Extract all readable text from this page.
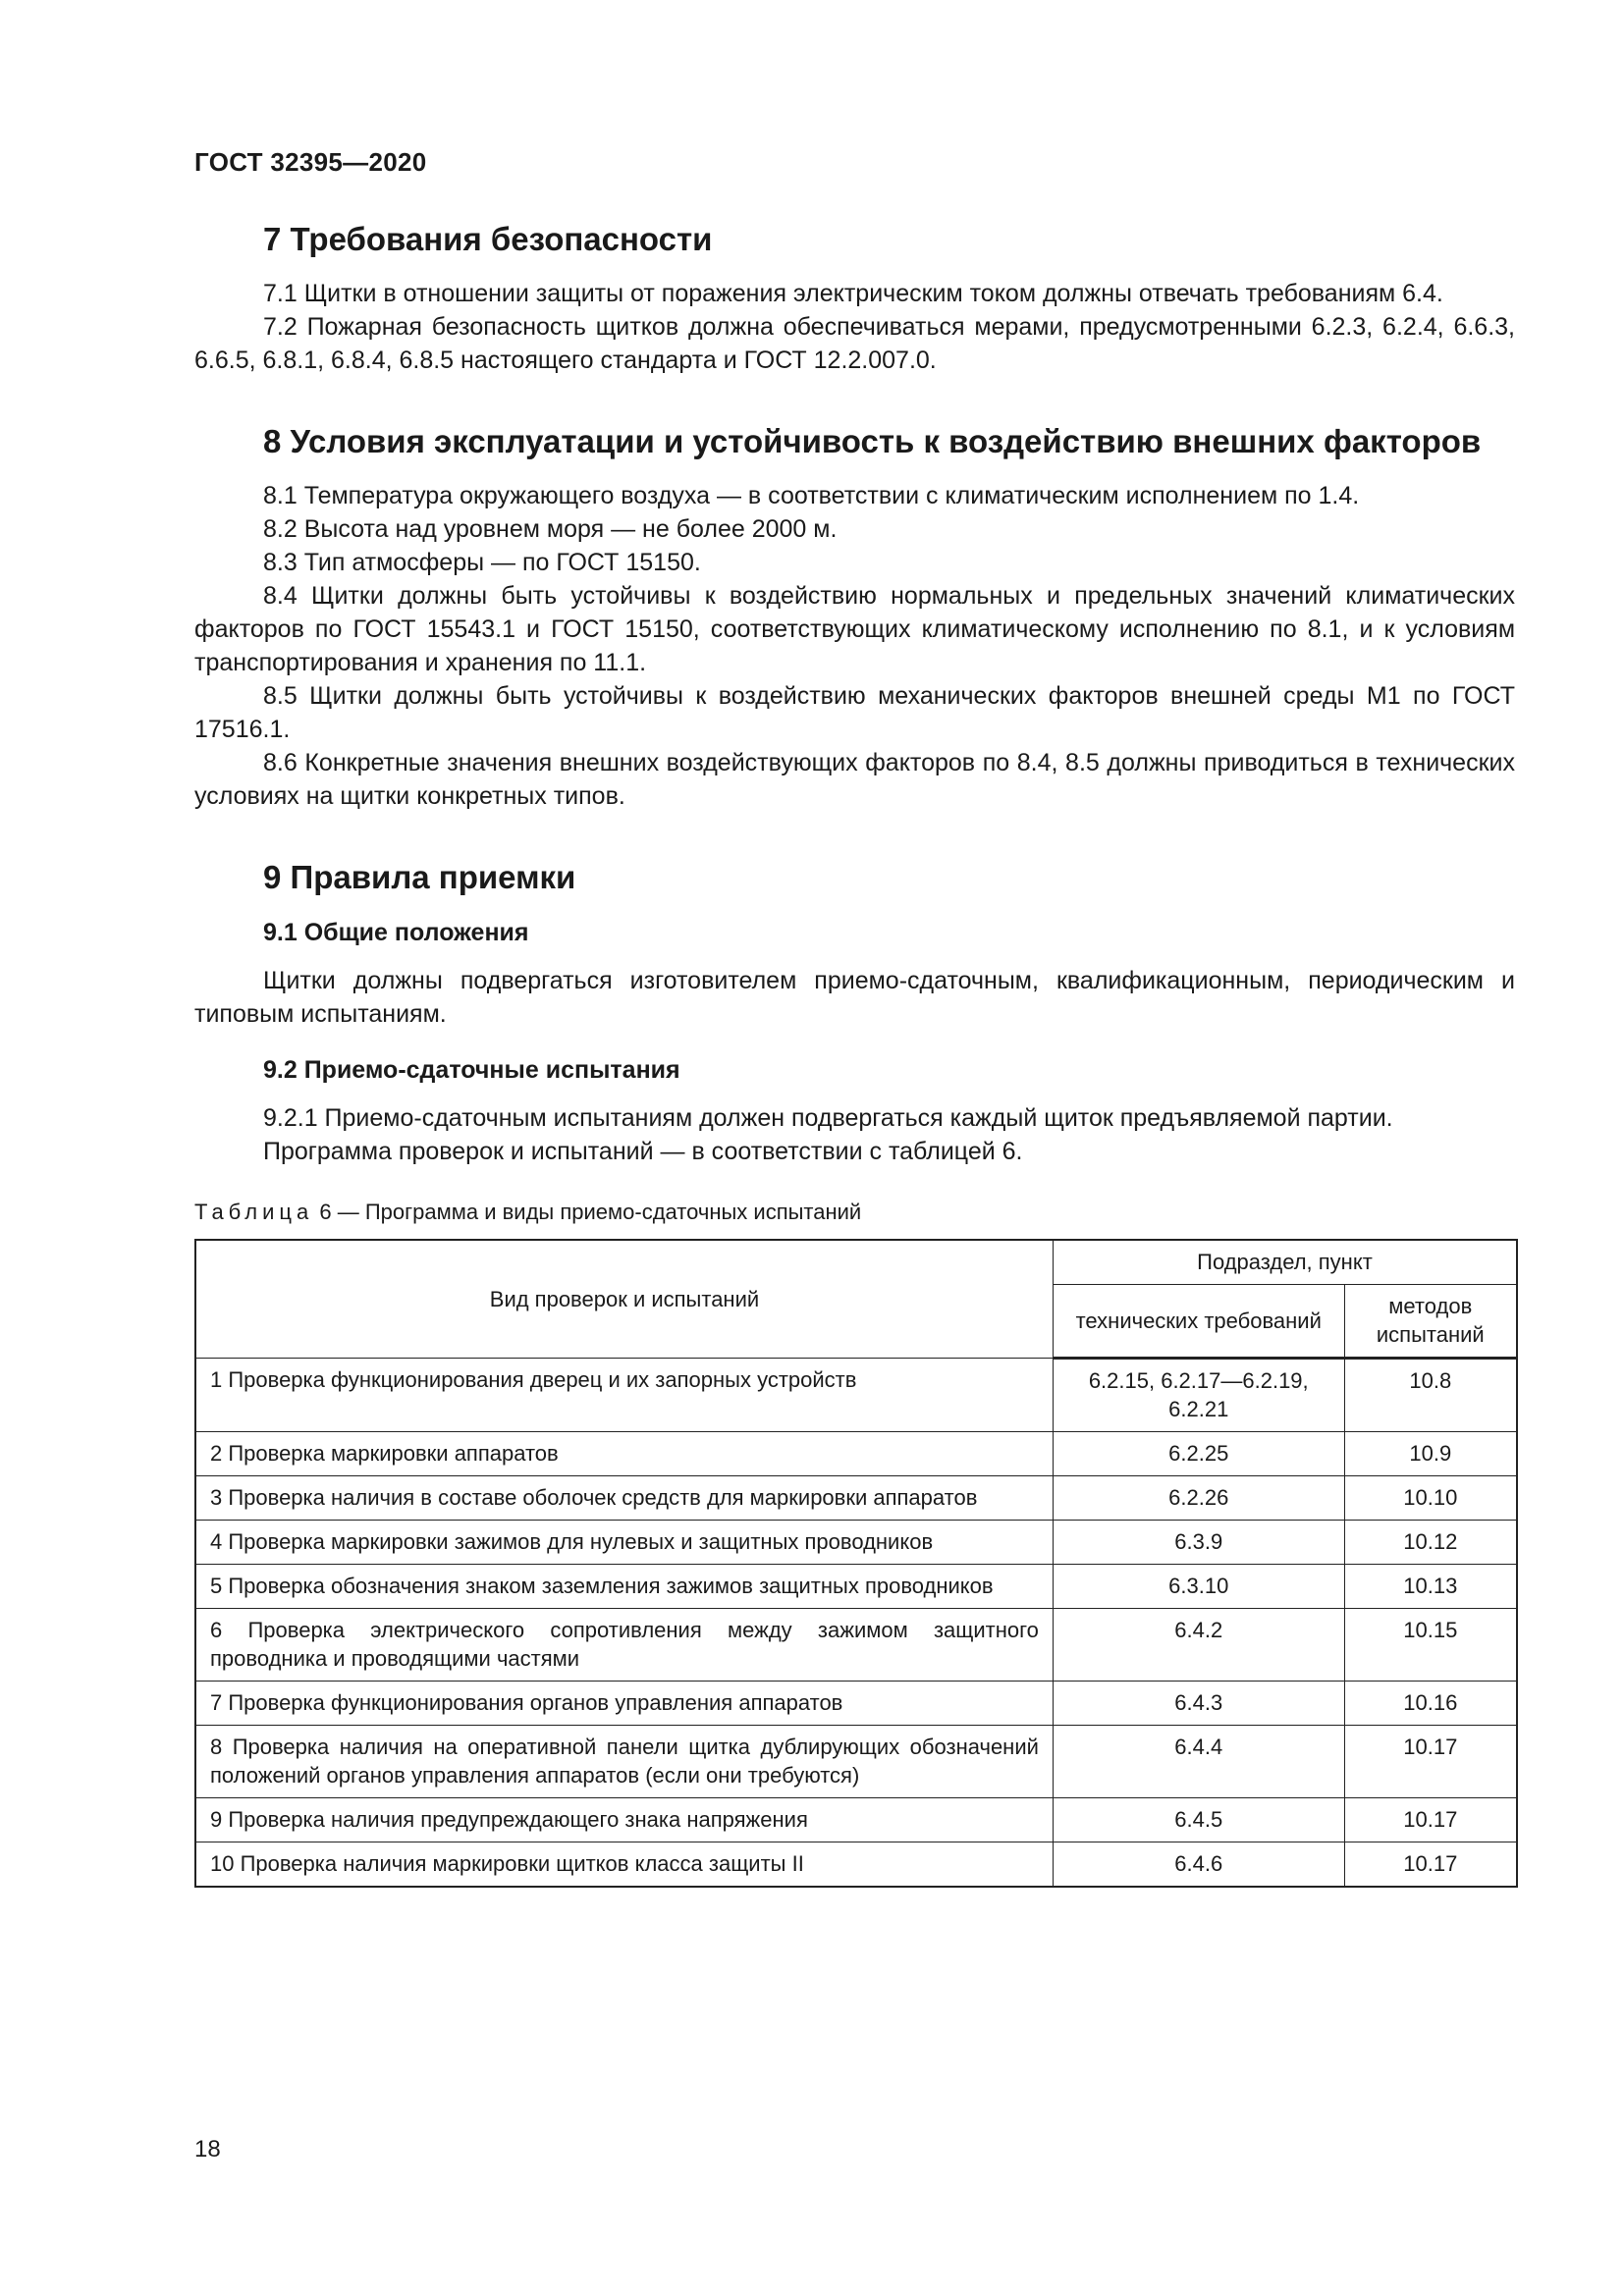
ГОСТ 32395—2020
7 Требования безопасности

7.1 Щитки в отношении защиты от поражения электрическим током должны отвечать требованиям 6.4.

7.2 Пожарная безопасность щитков должна обеспечиваться мерами, предусмотренными 6.2.3, 6.2.4, 6.6.3, 6.6.5, 6.8.1, 6.8.4, 6.8.5 настоящего стандарта и ГОСТ 12.2.007.0.

8 Условия эксплуатации и устойчивость к воздействию внешних факторов

8.1 Температура окружающего воздуха — в соответствии с климатическим исполнением по 1.4.

8.2 Высота над уровнем моря — не более 2000 м.

8.3 Тип атмосферы — по ГОСТ 15150.

8.4 Щитки должны быть устойчивы к воздействию нормальных и предельных значений климатических факторов по ГОСТ 15543.1 и ГОСТ 15150, соответствующих климатическому исполнению по 8.1, и к условиям транспортирования и хранения по 11.1.

8.5 Щитки должны быть устойчивы к воздействию механических факторов внешней среды М1 по ГОСТ 17516.1.

8.6 Конкретные значения внешних воздействующих факторов по 8.4, 8.5 должны приводиться в технических условиях на щитки конкретных типов.

9 Правила приемки
9.1 Общие положения

Щитки должны подвергаться изготовителем приемо-сдаточным, квалификационным, периодическим и типовым испытаниям.

9.2 Приемо-сдаточные испытания

9.2.1 Приемо-сдаточным испытаниям должен подвергаться каждый щиток предъявляемой партии.

Программа проверок и испытаний — в соответствии с таблицей 6.

Таблица 6 — Программа и виды приемо-сдаточных испытаний

Вид проверок и испытаний	Подраздел, пункт	
	технических требований	методов испытаний
1 Проверка функционирования дверец и их запорных устройств	6.2.15, 6.2.17—6.2.19, 6.2.21	10.8
2 Проверка маркировки аппаратов	6.2.25	10.9
3 Проверка наличия в составе оболочек средств для маркировки аппаратов	6.2.26	10.10
4 Проверка маркировки зажимов для нулевых и защитных проводников	6.3.9	10.12
5 Проверка обозначения знаком заземления зажимов защитных проводников	6.3.10	10.13
6 Проверка электрического сопротивления между зажимом защитного проводника и проводящими частями	6.4.2	10.15
7 Проверка функционирования органов управления аппаратов	6.4.3	10.16
8 Проверка наличия на оперативной панели щитка дублирующих обозначений положений органов управления аппаратов (если они требуются)	6.4.4	10.17
9 Проверка наличия предупреждающего знака напряжения	6.4.5	10.17
10 Проверка наличия маркировки щитков класса защиты II	6.4.6	10.17
18
